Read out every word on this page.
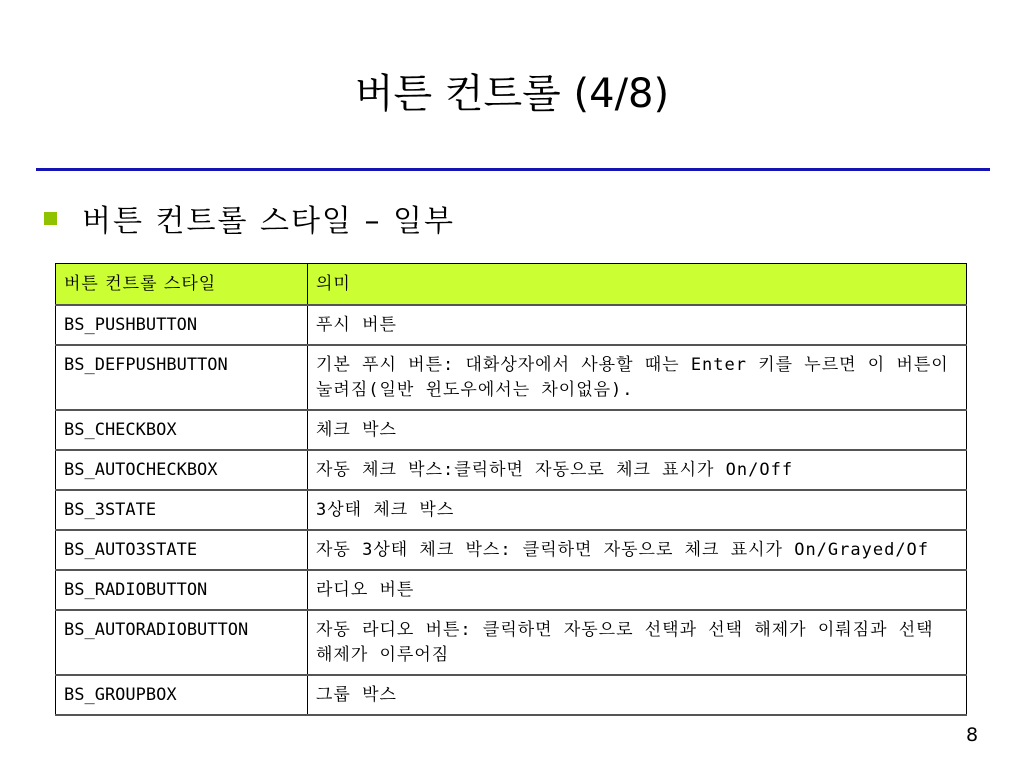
버튼 컨트롤 (4/8)
버튼 컨트롤 스타일 – 일부
버튼 컨트롤 스타일	의미
BS_PUSHBUTTON	푸시 버튼
BS_DEFPUSHBUTTON	기본 푸시 버튼: 대화상자에서 사용할 때는 Enter 키를 누르면 이 버튼이 눌려짐(일반 윈도우에서는 차이없음).
BS_CHECKBOX	체크 박스
BS_AUTOCHECKBOX	자동 체크 박스:클릭하면 자동으로 체크 표시가 On/Off
BS_3STATE	3상태 체크 박스
BS_AUTO3STATE	자동 3상태 체크 박스: 클릭하면 자동으로 체크 표시가 On/Grayed/Of
BS_RADIOBUTTON	라디오 버튼
BS_AUTORADIOBUTTON	자동 라디오 버튼: 클릭하면 자동으로 선택과 선택 해제가 이뤄짐과 선택 해제가 이루어짐
BS_GROUPBOX	그룹 박스
8
